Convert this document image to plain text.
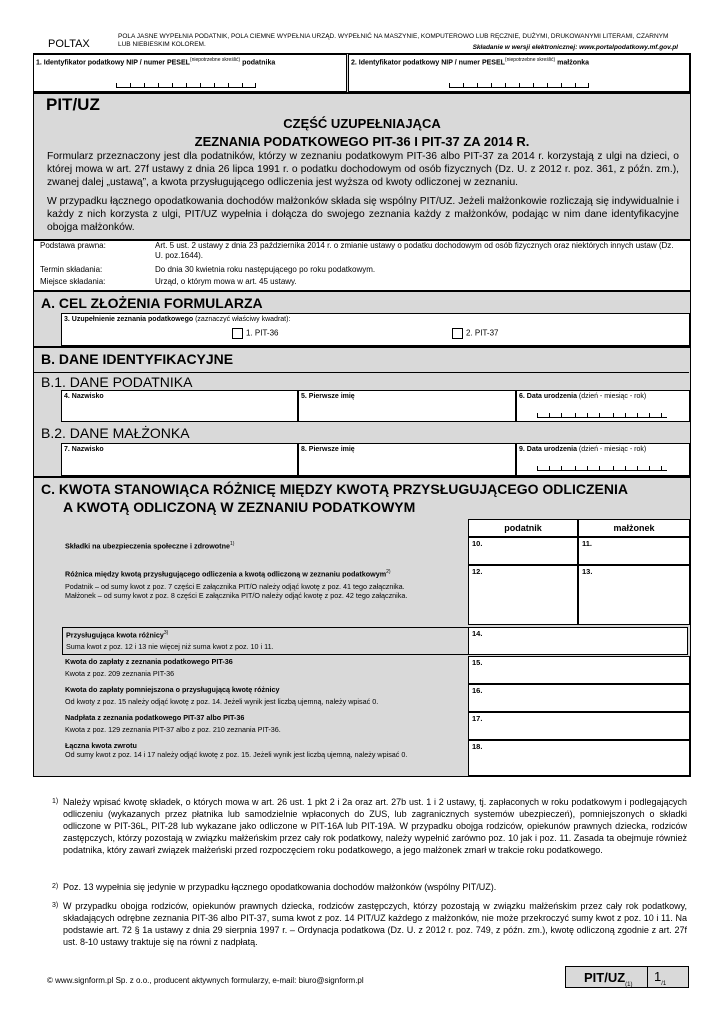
POLTAX
POLA JASNE WYPEŁNIA PODATNIK, POLA CIEMNE WYPEŁNIA URZĄD. WYPEŁNIĆ NA MASZYNIE, KOMPUTEROWO LUB RĘCZNIE, DUŻYMI, DRUKOWANYMI LITERAMI, CZARNYM LUB NIEBIESKIM KOLOREM.	Składanie w wersji elektronicznej: www.portalpodatkowy.mf.gov.pl
1. Identyfikator podatkowy NIP / numer $PESEL^{(niepotrzebne skreślić)}$ podatnika	2. Identyfikator podatkowy NIP / numer $PESEL^{(niepotrzebne skreślić)}$ małżonka
PIT/UZ
CZĘŚĆ UZUPEŁNIAJĄCA
ZEZNANIA PODATKOWEGO PIT-36 I PIT-37 ZA 2014 R.
Formularz przeznaczony jest dla podatników, którzy w zeznaniu podatkowym PIT-36 albo PIT-37 za 2014 r. korzystają z ulgi na dzieci, o której mowa w art. 27f ustawy z dnia 26 lipca 1991 r. o podatku dochodowym od osób fizycznych (Dz. U. z 2012 r. poz. 361, z późn. zm.), zwanej dalej „ustawą”, a kwota przysługującego odliczenia jest wyższa od kwoty odliczonej w zeznaniu.
W przypadku łącznego opodatkowania dochodów małżonków składa się wspólny PIT/UZ. Jeżeli małżonkowie rozliczają się indywidualnie i każdy z nich korzysta z ulgi, PIT/UZ wypełnia i dołącza do swojego zeznania każdy z małżonków, podając w nim dane identyfikacyjne obojga małżonków.
Podstawa prawna:	Art. 5 ust. 2 ustawy z dnia 23 października 2014 r. o zmianie ustawy o podatku dochodowym od osób fizycznych oraz niektórych innych ustaw (Dz. U. poz.1644).
Termin składania:	Do dnia 30 kwietnia roku następującego po roku podatkowym.
Miejsce składania:	Urząd, o którym mowa w art. 45 ustawy.
A. CEL ZŁOŻENIA FORMULARZA
3. Uzupełnienie zeznania podatkowego (zaznaczyć właściwy kwadrat):
1. PIT-36	2. PIT-37
B. DANE IDENTYFIKACYJNE
B.1. DANE PODATNIKA
4. Nazwisko	5. Pierwsze imię	6. Data urodzenia (dzień - miesiąc - rok)
B.2. DANE MAŁŻONKA
7. Nazwisko	8. Pierwsze imię	9. Data urodzenia (dzień - miesiąc - rok)
C. KWOTA STANOWIĄCA RÓŻNICĘ MIĘDZY KWOTĄ PRZYSŁUGUJĄCEGO ODLICZENIA
A KWOTĄ ODLICZONĄ W ZEZNANIU PODATKOWYM
podatnik	małżonek
Składki na ubezpieczenia społeczne i zdrowotne$^{1)}$	10.	11.
Różnica między kwotą przysługującego odliczenia a kwotą odliczoną w zeznaniu podatkowym$^{2)}$
Podatnik – od sumy kwot z poz. 7 części E załącznika PIT/O należy odjąć kwotę z poz. 41 tego załącznika.
Małżonek – od sumy kwot z poz. 8 części E załącznika PIT/O należy odjąć kwotę z poz. 42 tego załącznika.
12.	13.
Przysługująca kwota różnicy$^{3)}$
Suma kwot z poz. 12 i 13 nie więcej niż suma kwot z poz. 10 i 11.
14.
Kwota do zapłaty z zeznania podatkowego PIT-36
Kwota z poz. 209 zeznania PIT-36
15.
Kwota do zapłaty pomniejszona o przysługującą kwotę różnicy
Od kwoty z poz. 15 należy odjąć kwotę z poz. 14. Jeżeli wynik jest liczbą ujemną, należy wpisać 0.
16.
Nadpłata z zeznania podatkowego PIT-37 albo PIT-36
Kwota z poz. 129 zeznania PIT-37 albo z poz. 210 zeznania PIT-36.
17.
Łączna kwota zwrotu
Od sumy kwot z poz. 14 i 17 należy odjąć kwotę z poz. 15. Jeżeli wynik jest liczbą ujemną, należy wpisać 0.
18.
1) Należy wpisać kwotę składek, o których mowa w art. 26 ust. 1 pkt 2 i 2a oraz art. 27b ust. 1 i 2 ustawy, tj. zapłaconych w roku podatkowym i podlegających odliczeniu (wykazanych przez płatnika lub samodzielnie wpłaconych do ZUS, lub zagranicznych systemów ubezpieczeń), pomniejszonych o składki odliczone w PIT-36L, PIT-28 lub wykazane jako odliczone w PIT-16A lub PIT-19A. W przypadku obojga rodziców, opiekunów prawnych dziecka, rodziców zastępczych, którzy pozostają w związku małżeńskim przez cały rok podatkowy, należy wypełnić zarówno poz. 10 jak i poz. 11. Zasada ta obejmuje również podatnika, który zawarł związek małżeński przed rozpoczęciem roku podatkowego, a jego małżonek zmarł w trakcie roku podatkowego.
2) Poz. 13 wypełnia się jedynie w przypadku łącznego opodatkowania dochodów małżonków (wspólny PIT/UZ).
3) W przypadku obojga rodziców, opiekunów prawnych dziecka, rodziców zastępczych, którzy pozostają w związku małżeńskim przez cały rok podatkowy, składających odrębne zeznania PIT-36 albo PIT-37, suma kwot z poz. 14 PIT/UZ każdego z małżonków, nie może przekroczyć sumy kwot z poz. 10 i 11. Na podstawie art. 72 § 1a ustawy z dnia 29 sierpnia 1997 r. – Ordynacja podatkowa (Dz. U. z 2012 r. poz. 749, z późn. zm.), kwotę odliczoną zgodnie z art. 27f ust. 8-10 ustawy traktuje się na równi z nadpłatą.
© www.signform.pl Sp. z o.o., producent aktywnych formularzy, e-mail: biuro@signform.pl	PIT/$UZ_{(1)}$
$1_{/1}$
